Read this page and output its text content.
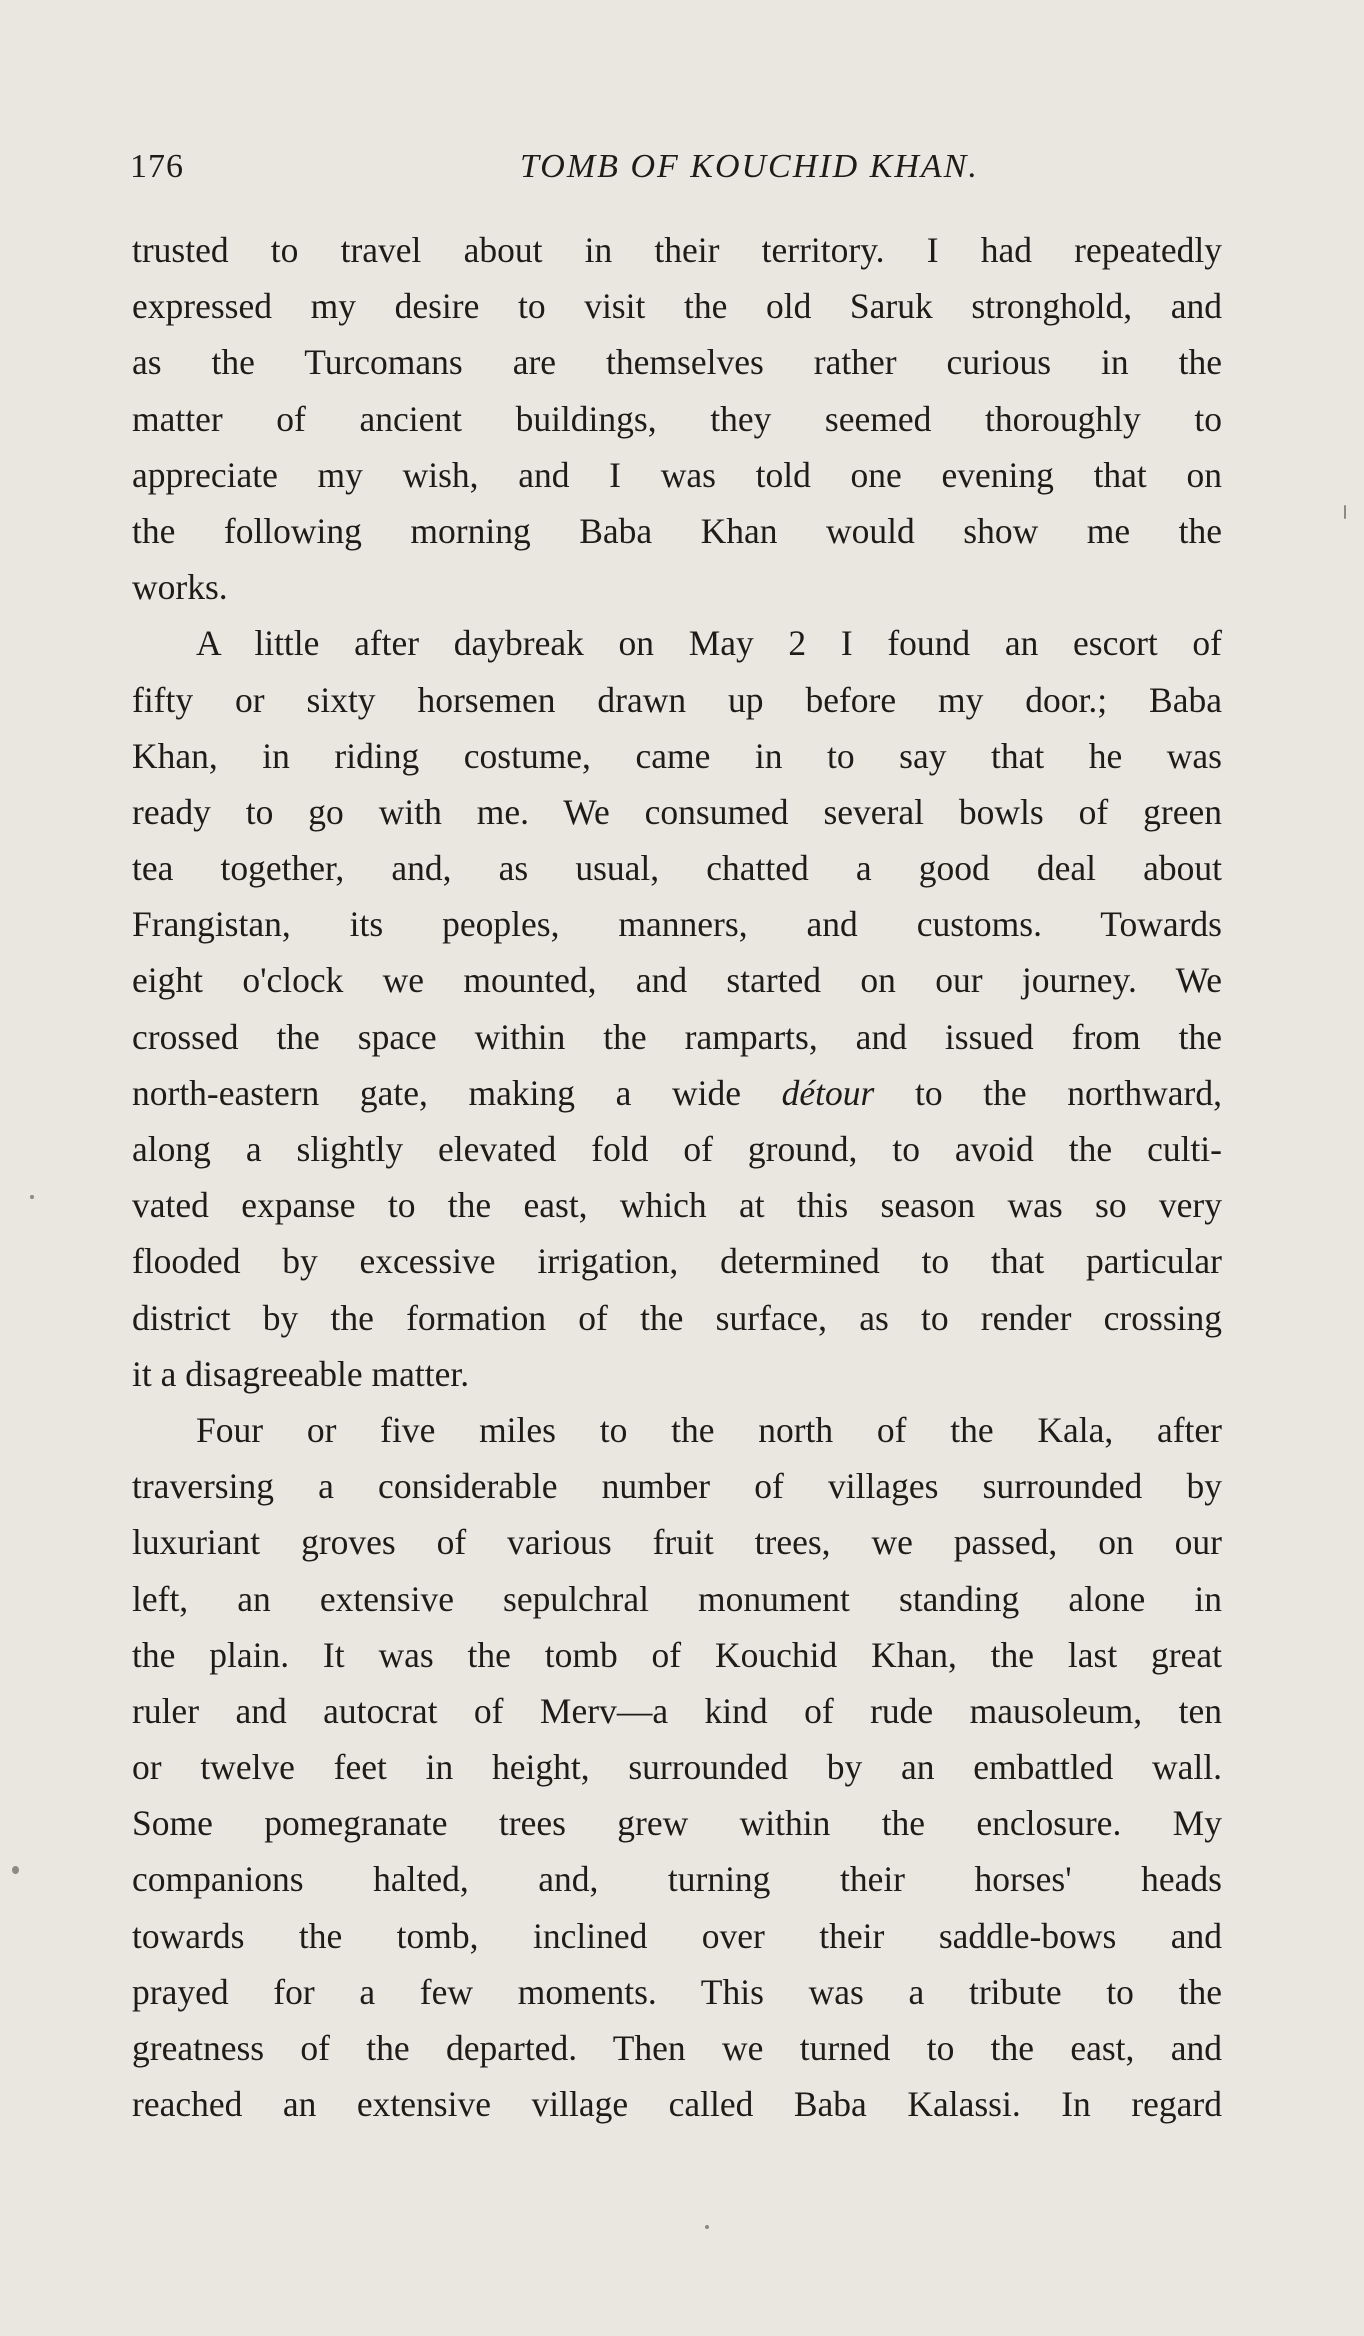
176	TOMB OF KOUCHID KHAN.
trusted to travel about in their territory. I had repeatedly
expressed my desire to visit the old Saruk stronghold, and
as the Turcomans are themselves rather curious in the
matter of ancient buildings, they seemed thoroughly to
appreciate my wish, and I was told one evening that on
the following morning Baba Khan would show me the
works.
A little after daybreak on May 2 I found an escort of
fifty or sixty horsemen drawn up before my door.; Baba
Khan, in riding costume, came in to say that he was
ready to go with me. We consumed several bowls of green
tea together, and, as usual, chatted a good deal about
Frangistan, its peoples, manners, and customs. Towards
eight o'clock we mounted, and started on our journey. We
crossed the space within the ramparts, and issued from the
north-eastern gate, making a wide détour to the northward,
along a slightly elevated fold of ground, to avoid the culti-
vated expanse to the east, which at this season was so very
flooded by excessive irrigation, determined to that particular
district by the formation of the surface, as to render crossing
it a disagreeable matter.
Four or five miles to the north of the Kala, after
traversing a considerable number of villages surrounded by
luxuriant groves of various fruit trees, we passed, on our
left, an extensive sepulchral monument standing alone in
the plain. It was the tomb of Kouchid Khan, the last great
ruler and autocrat of Merv—a kind of rude mausoleum, ten
or twelve feet in height, surrounded by an embattled wall.
Some pomegranate trees grew within the enclosure. My
companions halted, and, turning their horses' heads
towards the tomb, inclined over their saddle-bows and
prayed for a few moments. This was a tribute to the
greatness of the departed. Then we turned to the east, and
reached an extensive village called Baba Kalassi. In regard
